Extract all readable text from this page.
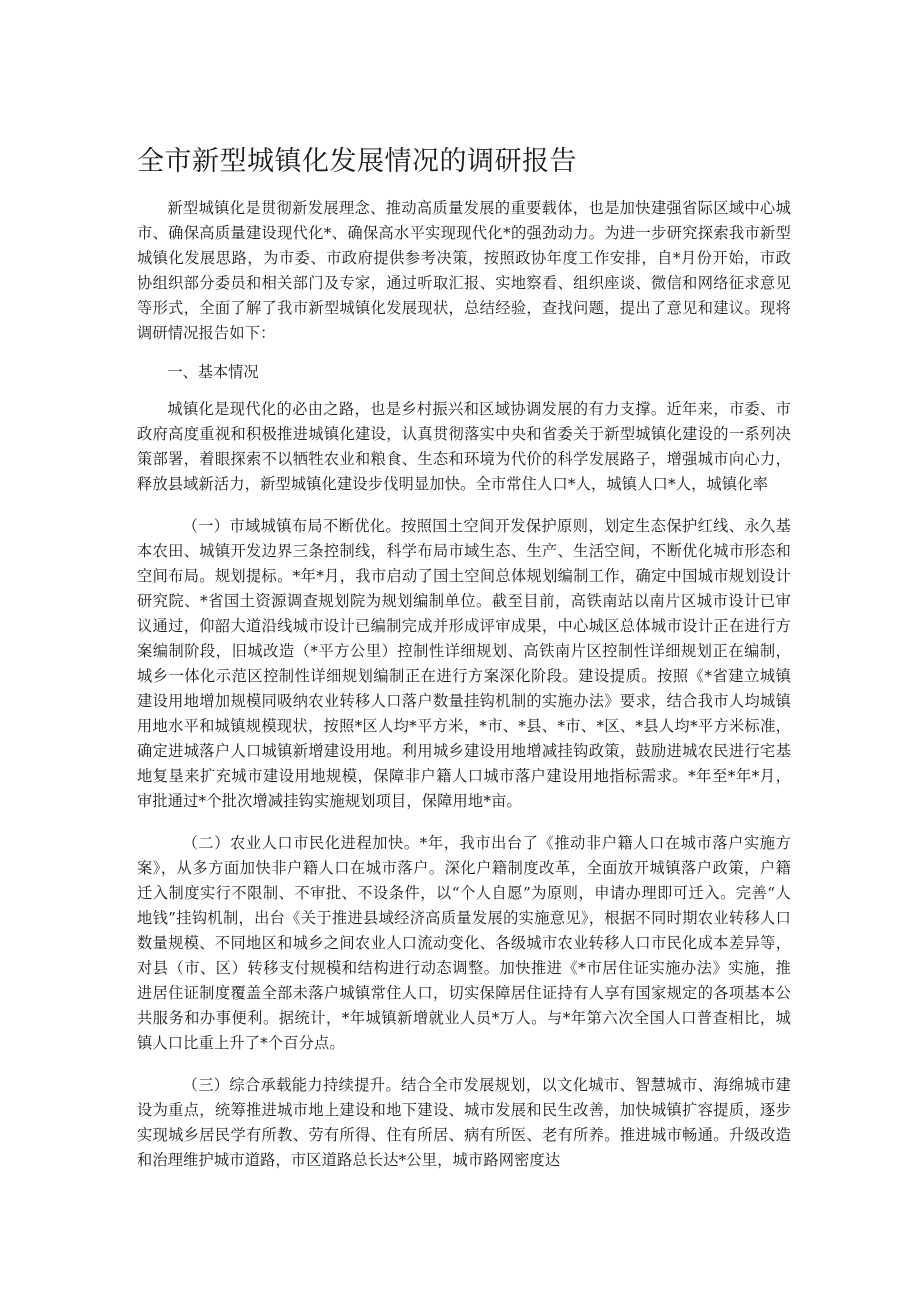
全市新型城镇化发展情况的调研报告

新型城镇化是贯彻新发展理念、推动高质量发展的重要载体，也是加快建强省际区域中心城市、确保高质量建设现代化*、确保高水平实现现代化*的强劲动力。为进一步研究探索我市新型城镇化发展思路，为市委、市政府提供参考决策，按照政协年度工作安排，自*月份开始，市政协组织部分委员和相关部门及专家，通过听取汇报、实地察看、组织座谈、微信和网络征求意见等形式，全面了解了我市新型城镇化发展现状，总结经验，查找问题，提出了意见和建议。现将调研情况报告如下：

一、基本情况

城镇化是现代化的必由之路，也是乡村振兴和区域协调发展的有力支撑。近年来，市委、市政府高度重视和积极推进城镇化建设，认真贯彻落实中央和省委关于新型城镇化建设的一系列决策部署，着眼探索不以牺牲农业和粮食、生态和环境为代价的科学发展路子，增强城市向心力，释放县域新活力，新型城镇化建设步伐明显加快。全市常住人口*人，城镇人口*人，城镇化率

（一）市域城镇布局不断优化。按照国土空间开发保护原则，划定生态保护红线、永久基本农田、城镇开发边界三条控制线，科学布局市域生态、生产、生活空间，不断优化城市形态和空间布局。规划提标。*年*月，我市启动了国土空间总体规划编制工作，确定中国城市规划设计研究院、*省国土资源调查规划院为规划编制单位。截至目前，高铁南站以南片区城市设计已审议通过，仰韶大道沿线城市设计已编制完成并形成评审成果，中心城区总体城市设计正在进行方案编制阶段，旧城改造（*平方公里）控制性详细规划、高铁南片区控制性详细规划正在编制，城乡一体化示范区控制性详细规划编制正在进行方案深化阶段。建设提质。按照《*省建立城镇建设用地增加规模同吸纳农业转移人口落户数量挂钩机制的实施办法》要求，结合我市人均城镇用地水平和城镇规模现状，按照*区人均*平方米，*市、*县、*市、*区、*县人均*平方米标准，确定进城落户人口城镇新增建设用地。利用城乡建设用地增减挂钩政策，鼓励进城农民进行宅基地复垦来扩充城市建设用地规模，保障非户籍人口城市落户建设用地指标需求。*年至*年*月，审批通过*个批次增减挂钩实施规划项目，保障用地*亩。

（二）农业人口市民化进程加快。*年，我市出台了《推动非户籍人口在城市落户实施方案》，从多方面加快非户籍人口在城市落户。深化户籍制度改革，全面放开城镇落户政策，户籍迁入制度实行不限制、不审批、不设条件，以“个人自愿”为原则，申请办理即可迁入。完善“人地钱”挂钩机制，出台《关于推进县域经济高质量发展的实施意见》，根据不同时期农业转移人口数量规模、不同地区和城乡之间农业人口流动变化、各级城市农业转移人口市民化成本差异等，对县（市、区）转移支付规模和结构进行动态调整。加快推进《*市居住证实施办法》实施，推进居住证制度覆盖全部未落户城镇常住人口，切实保障居住证持有人享有国家规定的各项基本公共服务和办事便利。据统计，*年城镇新增就业人员*万人。与*年第六次全国人口普查相比，城镇人口比重上升了*个百分点。

（三）综合承载能力持续提升。结合全市发展规划，以文化城市、智慧城市、海绵城市建设为重点，统筹推进城市地上建设和地下建设、城市发展和民生改善，加快城镇扩容提质，逐步实现城乡居民学有所教、劳有所得、住有所居、病有所医、老有所养。推进城市畅通。升级改造和治理维护城市道路，市区道路总长达*公里，城市路网密度达
